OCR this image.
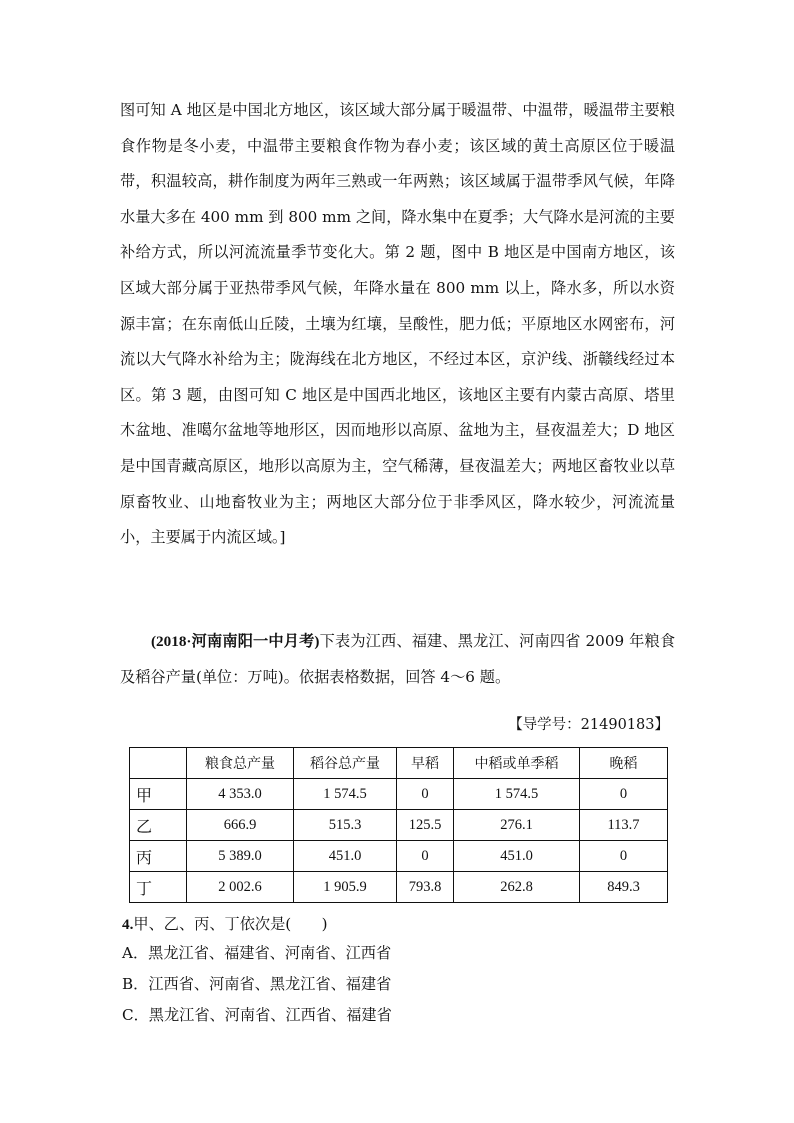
图可知 A 地区是中国北方地区，该区域大部分属于暖温带、中温带，暖温带主要粮食作物是冬小麦，中温带主要粮食作物为春小麦；该区域的黄土高原区位于暖温带，积温较高，耕作制度为两年三熟或一年两熟；该区域属于温带季风气候，年降水量大多在 400 mm 到 800 mm 之间，降水集中在夏季；大气降水是河流的主要补给方式，所以河流流量季节变化大。第 2 题，图中 B 地区是中国南方地区，该区域大部分属于亚热带季风气候，年降水量在 800 mm 以上，降水多，所以水资源丰富；在东南低山丘陵，土壤为红壤，呈酸性，肥力低；平原地区水网密布，河流以大气降水补给为主；陇海线在北方地区，不经过本区，京沪线、浙赣线经过本区。第 3 题，由图可知 C 地区是中国西北地区，该地区主要有内蒙古高原、塔里木盆地、准噶尔盆地等地形区，因而地形以高原、盆地为主，昼夜温差大；D 地区是中国青藏高原区，地形以高原为主，空气稀薄，昼夜温差大；两地区畜牧业以草原畜牧业、山地畜牧业为主；两地区大部分位于非季风区，降水较少，河流流量小，主要属于内流区域。]
(2018·河南南阳一中月考)下表为江西、福建、黑龙江、河南四省 2009 年粮食及稻谷产量(单位：万吨)。依据表格数据，回答 4～6 题。
【导学号：21490183】
	粮食总产量	稻谷总产量	早稻	中稻或单季稻	晚稻
甲	4 353.0	1 574.5	0	1 574.5	0
乙	666.9	515.3	125.5	276.1	113.7
丙	5 389.0	451.0	0	451.0	0
丁	2 002.6	1 905.9	793.8	262.8	849.3
4.甲、乙、丙、丁依次是(　　)
A．黑龙江省、福建省、河南省、江西省
B．江西省、河南省、黑龙江省、福建省
C．黑龙江省、河南省、江西省、福建省
